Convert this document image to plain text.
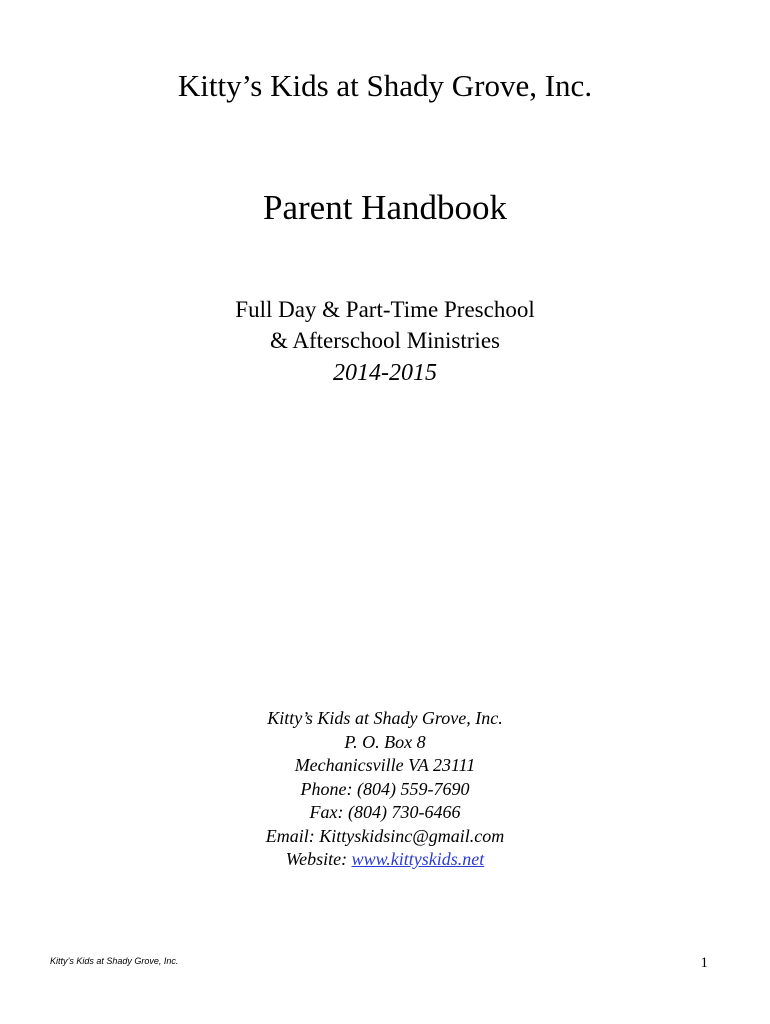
Kitty’s Kids at Shady Grove, Inc.
Parent Handbook
Full Day & Part-Time Preschool
& Afterschool Ministries
2014-2015
Kitty’s Kids at Shady Grove, Inc.
P. O. Box 8
Mechanicsville VA 23111
Phone: (804) 559-7690
Fax: (804) 730-6466
Email: Kittyskidsinc@gmail.com
Website: www.kittyskids.net
Kitty’s Kids at Shady Grove, Inc.	1
